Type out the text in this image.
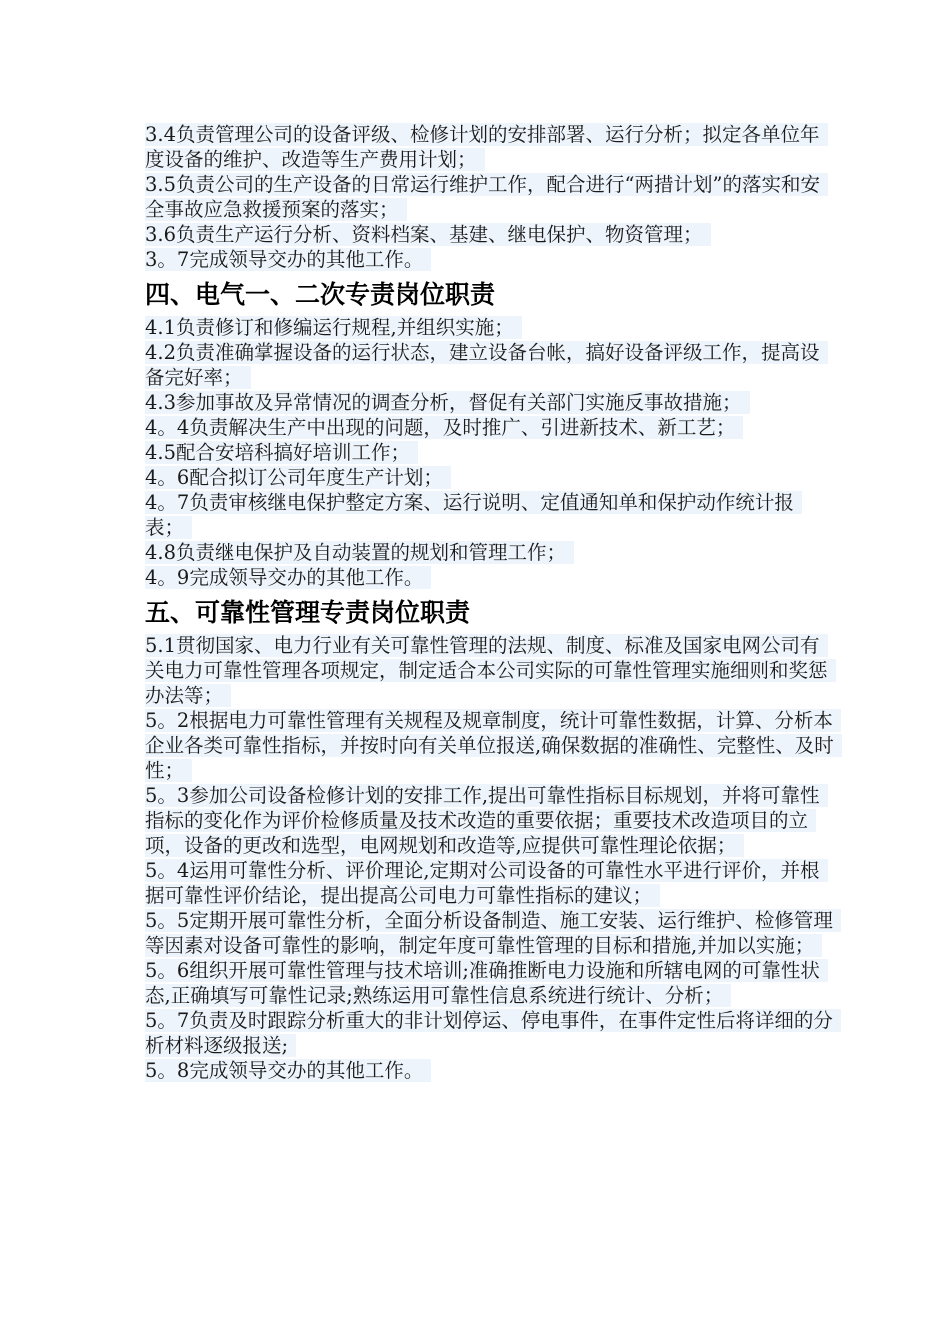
3.4负责管理公司的设备评级、检修计划的安排部署、运行分析；拟定各单位年度设备的维护、改造等生产费用计划；

3.5负责公司的生产设备的日常运行维护工作，配合进行“两措计划”的落实和安全事故应急救援预案的落实；

3.6负责生产运行分析、资料档案、基建、继电保护、物资管理；

3。7完成领导交办的其他工作。

四、电气一、二次专责岗位职责

4.1负责修订和修编运行规程,并组织实施；

4.2负责准确掌握设备的运行状态，建立设备台帐，搞好设备评级工作，提高设备完好率；

4.3参加事故及异常情况的调查分析，督促有关部门实施反事故措施；

4。4负责解决生产中出现的问题，及时推广、引进新技术、新工艺；

4.5配合安培科搞好培训工作；

4。6配合拟订公司年度生产计划；

4。7负责审核继电保护整定方案、运行说明、定值通知单和保护动作统计报表；

4.8负责继电保护及自动装置的规划和管理工作；

4。9完成领导交办的其他工作。

五、可靠性管理专责岗位职责

5.1贯彻国家、电力行业有关可靠性管理的法规、制度、标准及国家电网公司有关电力可靠性管理各项规定，制定适合本公司实际的可靠性管理实施细则和奖惩办法等；

5。2根据电力可靠性管理有关规程及规章制度，统计可靠性数据，计算、分析本企业各类可靠性指标，并按时向有关单位报送,确保数据的准确性、完整性、及时性；

5。3参加公司设备检修计划的安排工作,提出可靠性指标目标规划，并将可靠性指标的变化作为评价检修质量及技术改造的重要依据；重要技术改造项目的立项，设备的更改和选型，电网规划和改造等,应提供可靠性理论依据；

5。4运用可靠性分析、评价理论,定期对公司设备的可靠性水平进行评价，并根据可靠性评价结论，提出提高公司电力可靠性指标的建议；

5。5定期开展可靠性分析，全面分析设备制造、施工安装、运行维护、检修管理等因素对设备可靠性的影响，制定年度可靠性管理的目标和措施,并加以实施；

5。6组织开展可靠性管理与技术培训;准确推断电力设施和所辖电网的可靠性状态,正确填写可靠性记录;熟练运用可靠性信息系统进行统计、分析；

5。7负责及时跟踪分析重大的非计划停运、停电事件，在事件定性后将详细的分析材料逐级报送;

5。8完成领导交办的其他工作。
